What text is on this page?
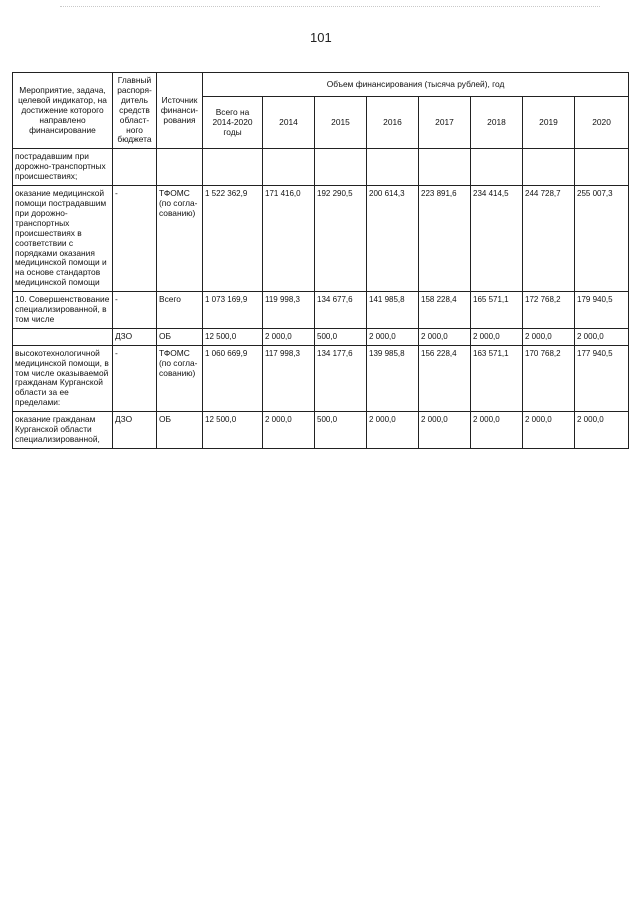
101
Мероприятие, задача, целевой индикатор, на достижение которого направлено финансирование	Главный распоря-дитель средств област-ного бюджета	Источник финанси-рования	Объем финансирования (тысяча рублей), год							
			Всего на 2014-2020 годы	2014	2015	2016	2017	2018	2019	2020
пострадавшим при дорожно-транспортных происшествиях;										
оказание медицинской помощи пострадавшим при дорожно-транспортных происшествиях в соответствии с порядками оказания медицинской помощи и на основе стандартов медицинской помощи	-	ТФОМС (по согла-сованию)	1 522 362,9	171 416,0	192 290,5	200 614,3	223 891,6	234 414,5	244 728,7	255 007,3
10. Совершенствование специализированной, в том числе	-	Всего	1 073 169,9	119 998,3	134 677,6	141 985,8	158 228,4	165 571,1	172 768,2	179 940,5
	ДЗО	ОБ	12 500,0	2 000,0	500,0	2 000,0	2 000,0	2 000,0	2 000,0	2 000,0
высокотехнологичной медицинской помощи, в том числе оказываемой гражданам Курганской области за ее пределами:	-	ТФОМС (по согла-сованию)	1 060 669,9	117 998,3	134 177,6	139 985,8	156 228,4	163 571,1	170 768,2	177 940,5
оказание гражданам Курганской области специализированной,	ДЗО	ОБ	12 500,0	2 000,0	500,0	2 000,0	2 000,0	2 000,0	2 000,0	2 000,0
